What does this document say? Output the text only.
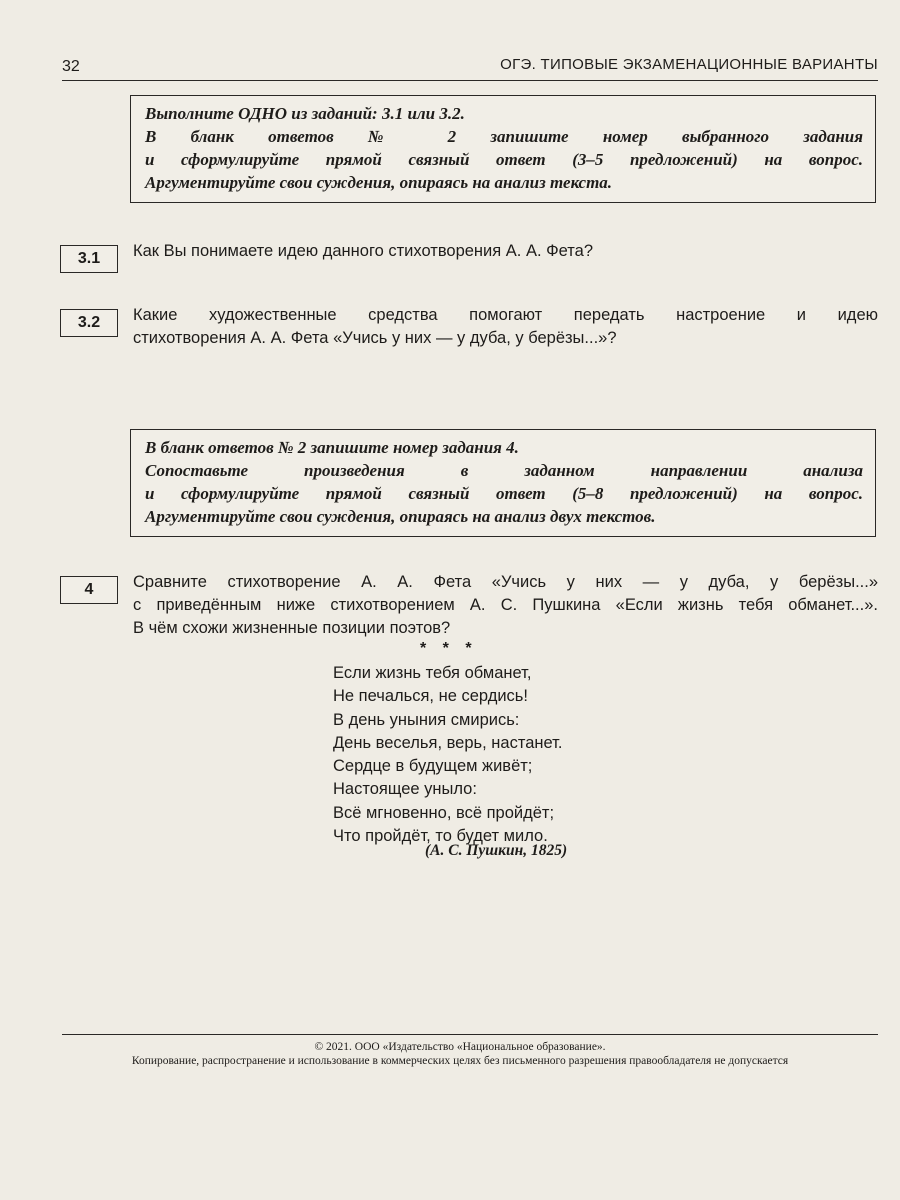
32	ОГЭ. ТИПОВЫЕ ЭКЗАМЕНАЦИОННЫЕ ВАРИАНТЫ
Выполните ОДНО из заданий: 3.1 или 3.2.
В бланк ответов № 2 запишите номер выбранного задания
и сформулируйте прямой связный ответ (3–5 предложений) на вопрос.
Аргументируйте свои суждения, опираясь на анализ текста.
3.1	Как Вы понимаете идею данного стихотворения А. А. Фета?
3.2	Какие художественные средства помогают передать настроение и идею
стихотворения А. А. Фета «Учись у них — у дуба, у берёзы...»?
В бланк ответов № 2 запишите номер задания 4.
Сопоставьте произведения в заданном направлении анализа
и сформулируйте прямой связный ответ (5–8 предложений) на вопрос.
Аргументируйте свои суждения, опираясь на анализ двух текстов.
4	Сравните стихотворение А. А. Фета «Учись у них — у дуба, у берёзы...»
с приведённым ниже стихотворением А. С. Пушкина «Если жизнь тебя обманет...».
В чём схожи жизненные позиции поэтов?
* * *
Если жизнь тебя обманет,
Не печалься, не сердись!
В день уныния смирись:
День веселья, верь, настанет.
Сердце в будущем живёт;
Настоящее уныло:
Всё мгновенно, всё пройдёт;
Что пройдёт, то будет мило.
(А. С. Пушкин, 1825)
© 2021. ООО «Издательство «Национальное образование».
Копирование, распространение и использование в коммерческих целях без письменного разрешения правообладателя не допускается
